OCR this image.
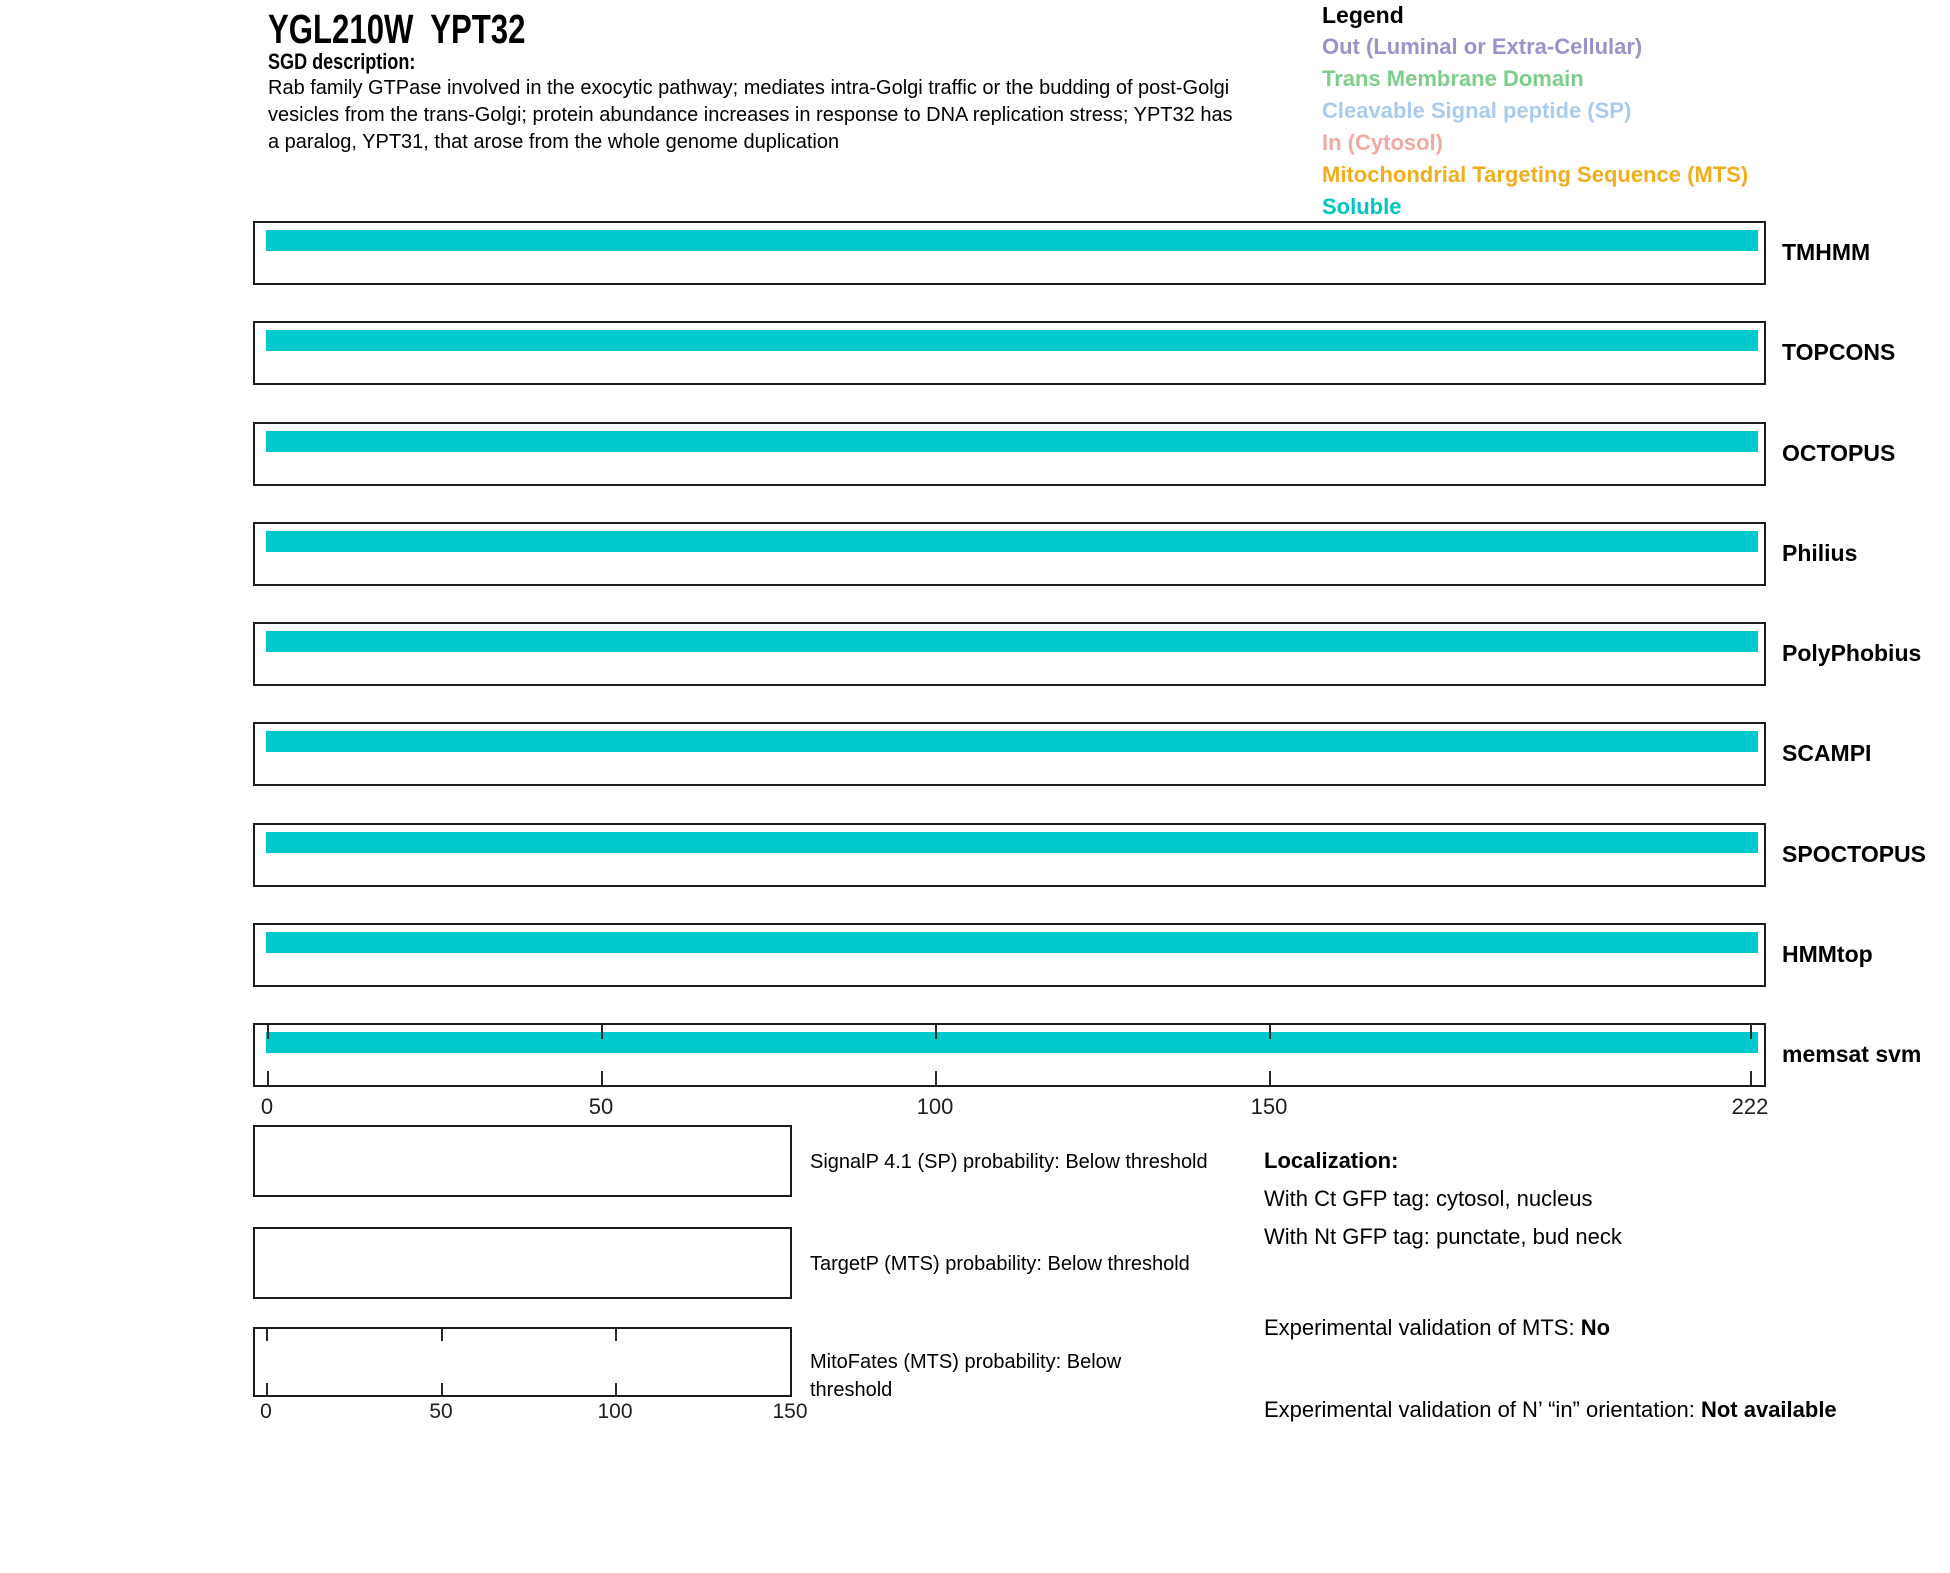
YGL210W  YPT32
SGD description:
Rab family GTPase involved in the exocytic pathway; mediates intra-Golgi traffic or the budding of post-Golgi
vesicles from the trans-Golgi; protein abundance increases in response to DNA replication stress; YPT32 has
a paralog, YPT31, that arose from the whole genome duplication
Legend
Out (Luminal or Extra-Cellular)
Trans Membrane Domain
Cleavable Signal peptide (SP)
In (Cytosol)
Mitochondrial Targeting Sequence (MTS)
Soluble
TMHMM
TOPCONS
OCTOPUS
Philius
PolyPhobius
SCAMPI
SPOCTOPUS
HMMtop
memsat svm
0	50	100	150	222
SignalP 4.1 (SP) probability: Below threshold
TargetP (MTS) probability: Below threshold
MitoFates (MTS) probability: Below threshold
0	50	100	150
Localization:
With Ct GFP tag: cytosol, nucleus
With Nt GFP tag: punctate, bud neck
Experimental validation of MTS: No
Experimental validation of N’ “in” orientation: Not available
